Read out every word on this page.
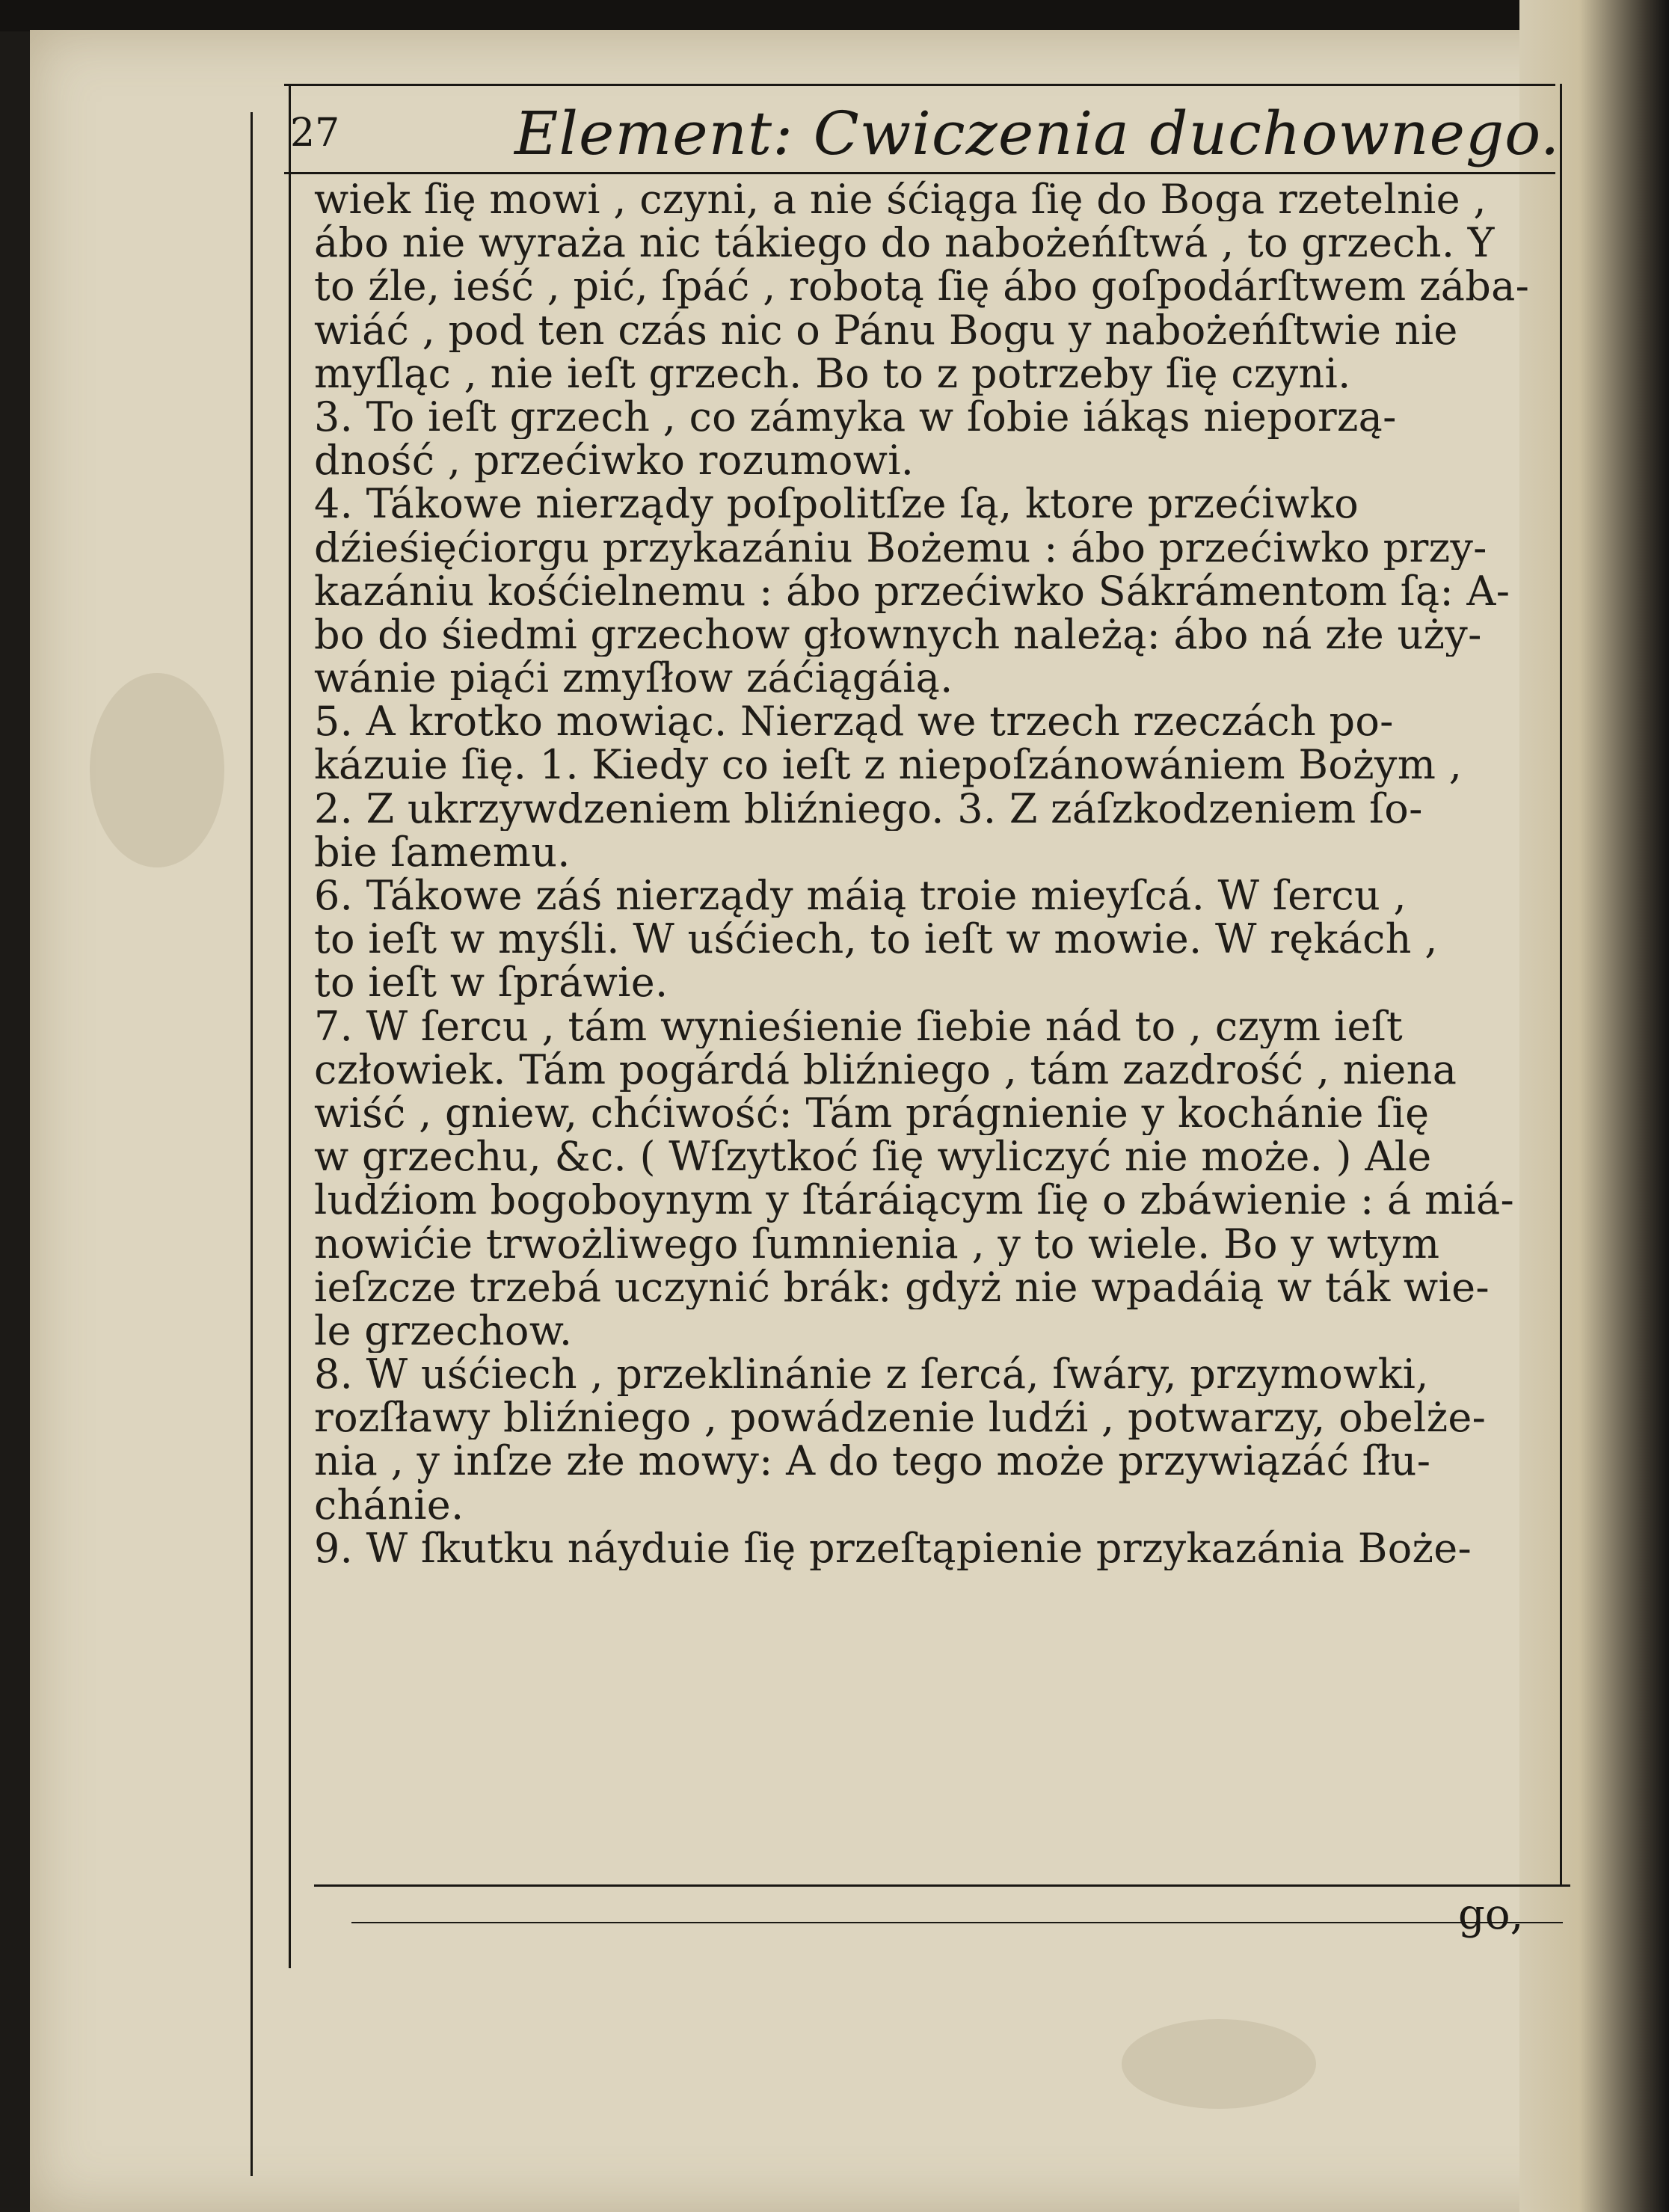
27	Element: Cwiczenia duchownego.
wiek ſię mowi , czyni, a nie śćiąga ſię do Boga rzetelnie ,
ábo nie wyraża nic tákiego do nabożeńſtwá , to grzech. Y
to źle, ieść , pić, ſpáć , robotą ſię ábo goſpodárſtwem zába-
wiáć , pod ten czás nic o Pánu Bogu y nabożeńſtwie nie
myſląc , nie ieſt grzech. Bo to z potrzeby ſię czyni.
3. To ieſt grzech , co zámyka w ſobie iákąs nieporzą-
dność , przećiwko rozumowi.
4. Tákowe nierządy poſpolitſze ſą, ktore przećiwko
dźieśięćiorgu przykazániu Bożemu : ábo przećiwko przy-
kazániu kośćielnemu : ábo przećiwko Sákrámentom ſą: A-
bo do śiedmi grzechow głownych należą: ábo ná złe uży-
wánie piąći zmyſłow záćiągáią.
5. A krotko mowiąc. Nierząd we trzech rzeczách po-
kázuie ſię. 1. Kiedy co ieſt z niepoſzánowániem Bożym ,
2. Z ukrzywdzeniem bliźniego. 3. Z záſzkodzeniem ſo-
bie ſamemu.
6. Tákowe záś nierządy máią troie mieyſcá. W ſercu ,
to ieſt w myśli. W uśćiech, to ieſt w mowie. W rękách ,
to ieſt w ſpráwie.
7. W ſercu , tám wynieśienie ſiebie nád to , czym ieſt
człowiek. Tám pogárdá bliźniego , tám zazdrość , niena
wiść , gniew, chćiwość: Tám prágnienie y kochánie ſię
w grzechu, &c. ( Wſzytkoć ſię wyliczyć nie może. ) Ale
ludźiom bogoboynym y ſtáráiącym ſię o zbáwienie : á miá-
nowićie trwożliwego ſumnienia , y to wiele. Bo y wtym
ieſzcze trzebá uczynić brák: gdyż nie wpadáią w ták wie-
le grzechow.
8. W uśćiech , przeklinánie z ſercá, ſwáry, przymowki,
rozſławy bliźniego , powádzenie ludźi , potwarzy, obelże-
nia , y inſze złe mowy: A do tego może przywiązáć ſłu-
chánie.
9. W ſkutku náyduie ſię przeſtąpienie przykazánia Boże-
go,
